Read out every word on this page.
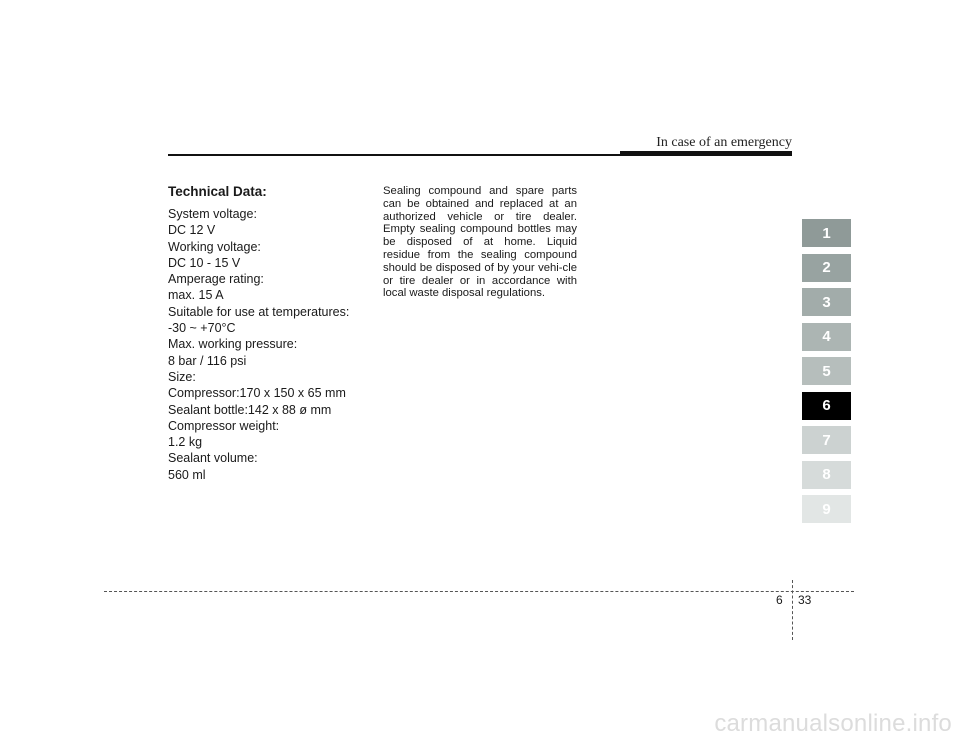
In case of an emergency
Technical Data:
System voltage:
DC 12 V
Working voltage:
DC 10 - 15 V
Amperage rating:
max. 15 A
Suitable for use at temperatures:
-30 ~ +70°C
Max. working pressure:
8 bar / 116 psi
Size:
Compressor:170 x 150 x 65 mm
Sealant bottle:142 x 88 ø mm
Compressor weight:
1.2 kg
Sealant volume:
560 ml
Sealing compound and spare parts can be obtained and replaced at an authorized vehicle or tire dealer. Empty sealing compound bottles may be disposed of at home. Liquid residue from the sealing compound should be disposed of by your vehi-cle or tire dealer or in accordance with local waste disposal regulations.
1
2
3
4
5
6
7
8
9
6 33
carmanualsonline.info
